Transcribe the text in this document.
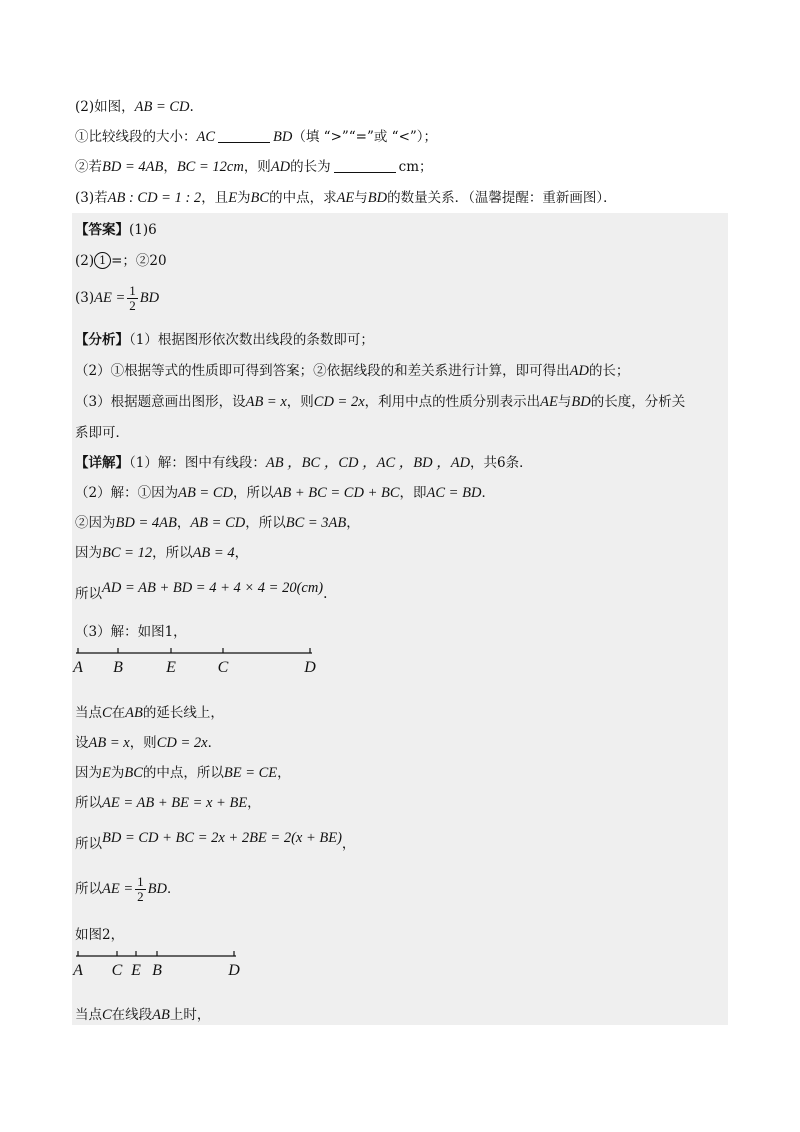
(2)如图，AB = CD.
①比较线段的大小：AC	BD（填 “>”“=”或 “<”）；
②若BD = 4AB，BC = 12cm，则AD的长为	cm；
(3)若AB : CD = 1 : 2，且E为BC的中点，求AE与BD的数量关系．（温馨提醒：重新画图）．
【答案】(1)6
(2) 1 =；②20
$(3)AE = \frac{1}{2}$ BD
【分析】（1）根据图形依次数出线段的条数即可；
（2）①根据等式的性质即可得到答案；②依据线段的和差关系进行计算，即可得出AD的长；
（3）根据题意画出图形，设AB = x，则CD = 2x，利用中点的性质分别表示出AE与BD的长度，分析关
系即可．
【详解】（1）解：图中有线段：AB ，BC ，CD ，AC ，BD ，AD，共6条．
（2）解：①因为AB = CD，所以AB + BC = CD + BC，即AC = BD．
②因为BD = 4AB，AB = CD，所以BC = 3AB，
因为BC = 12，所以AB = 4，
所以AD = AB + BD = 4 + 4 × 4 = 20(cm).
（3）解：如图1，
A B	E	C	D
当点C在AB的延长线上，
设AB = x，则CD = 2x．
因为E为BC的中点，所以BE = CE，
所以AE = AB + BE = x + BE，
所以BD = CD + BC = 2x + 2BE = 2(x + BE)，
所以AE = $\frac{1}{2}$ BD．
如图2，
A C E B	D
当点C在线段AB上时，
